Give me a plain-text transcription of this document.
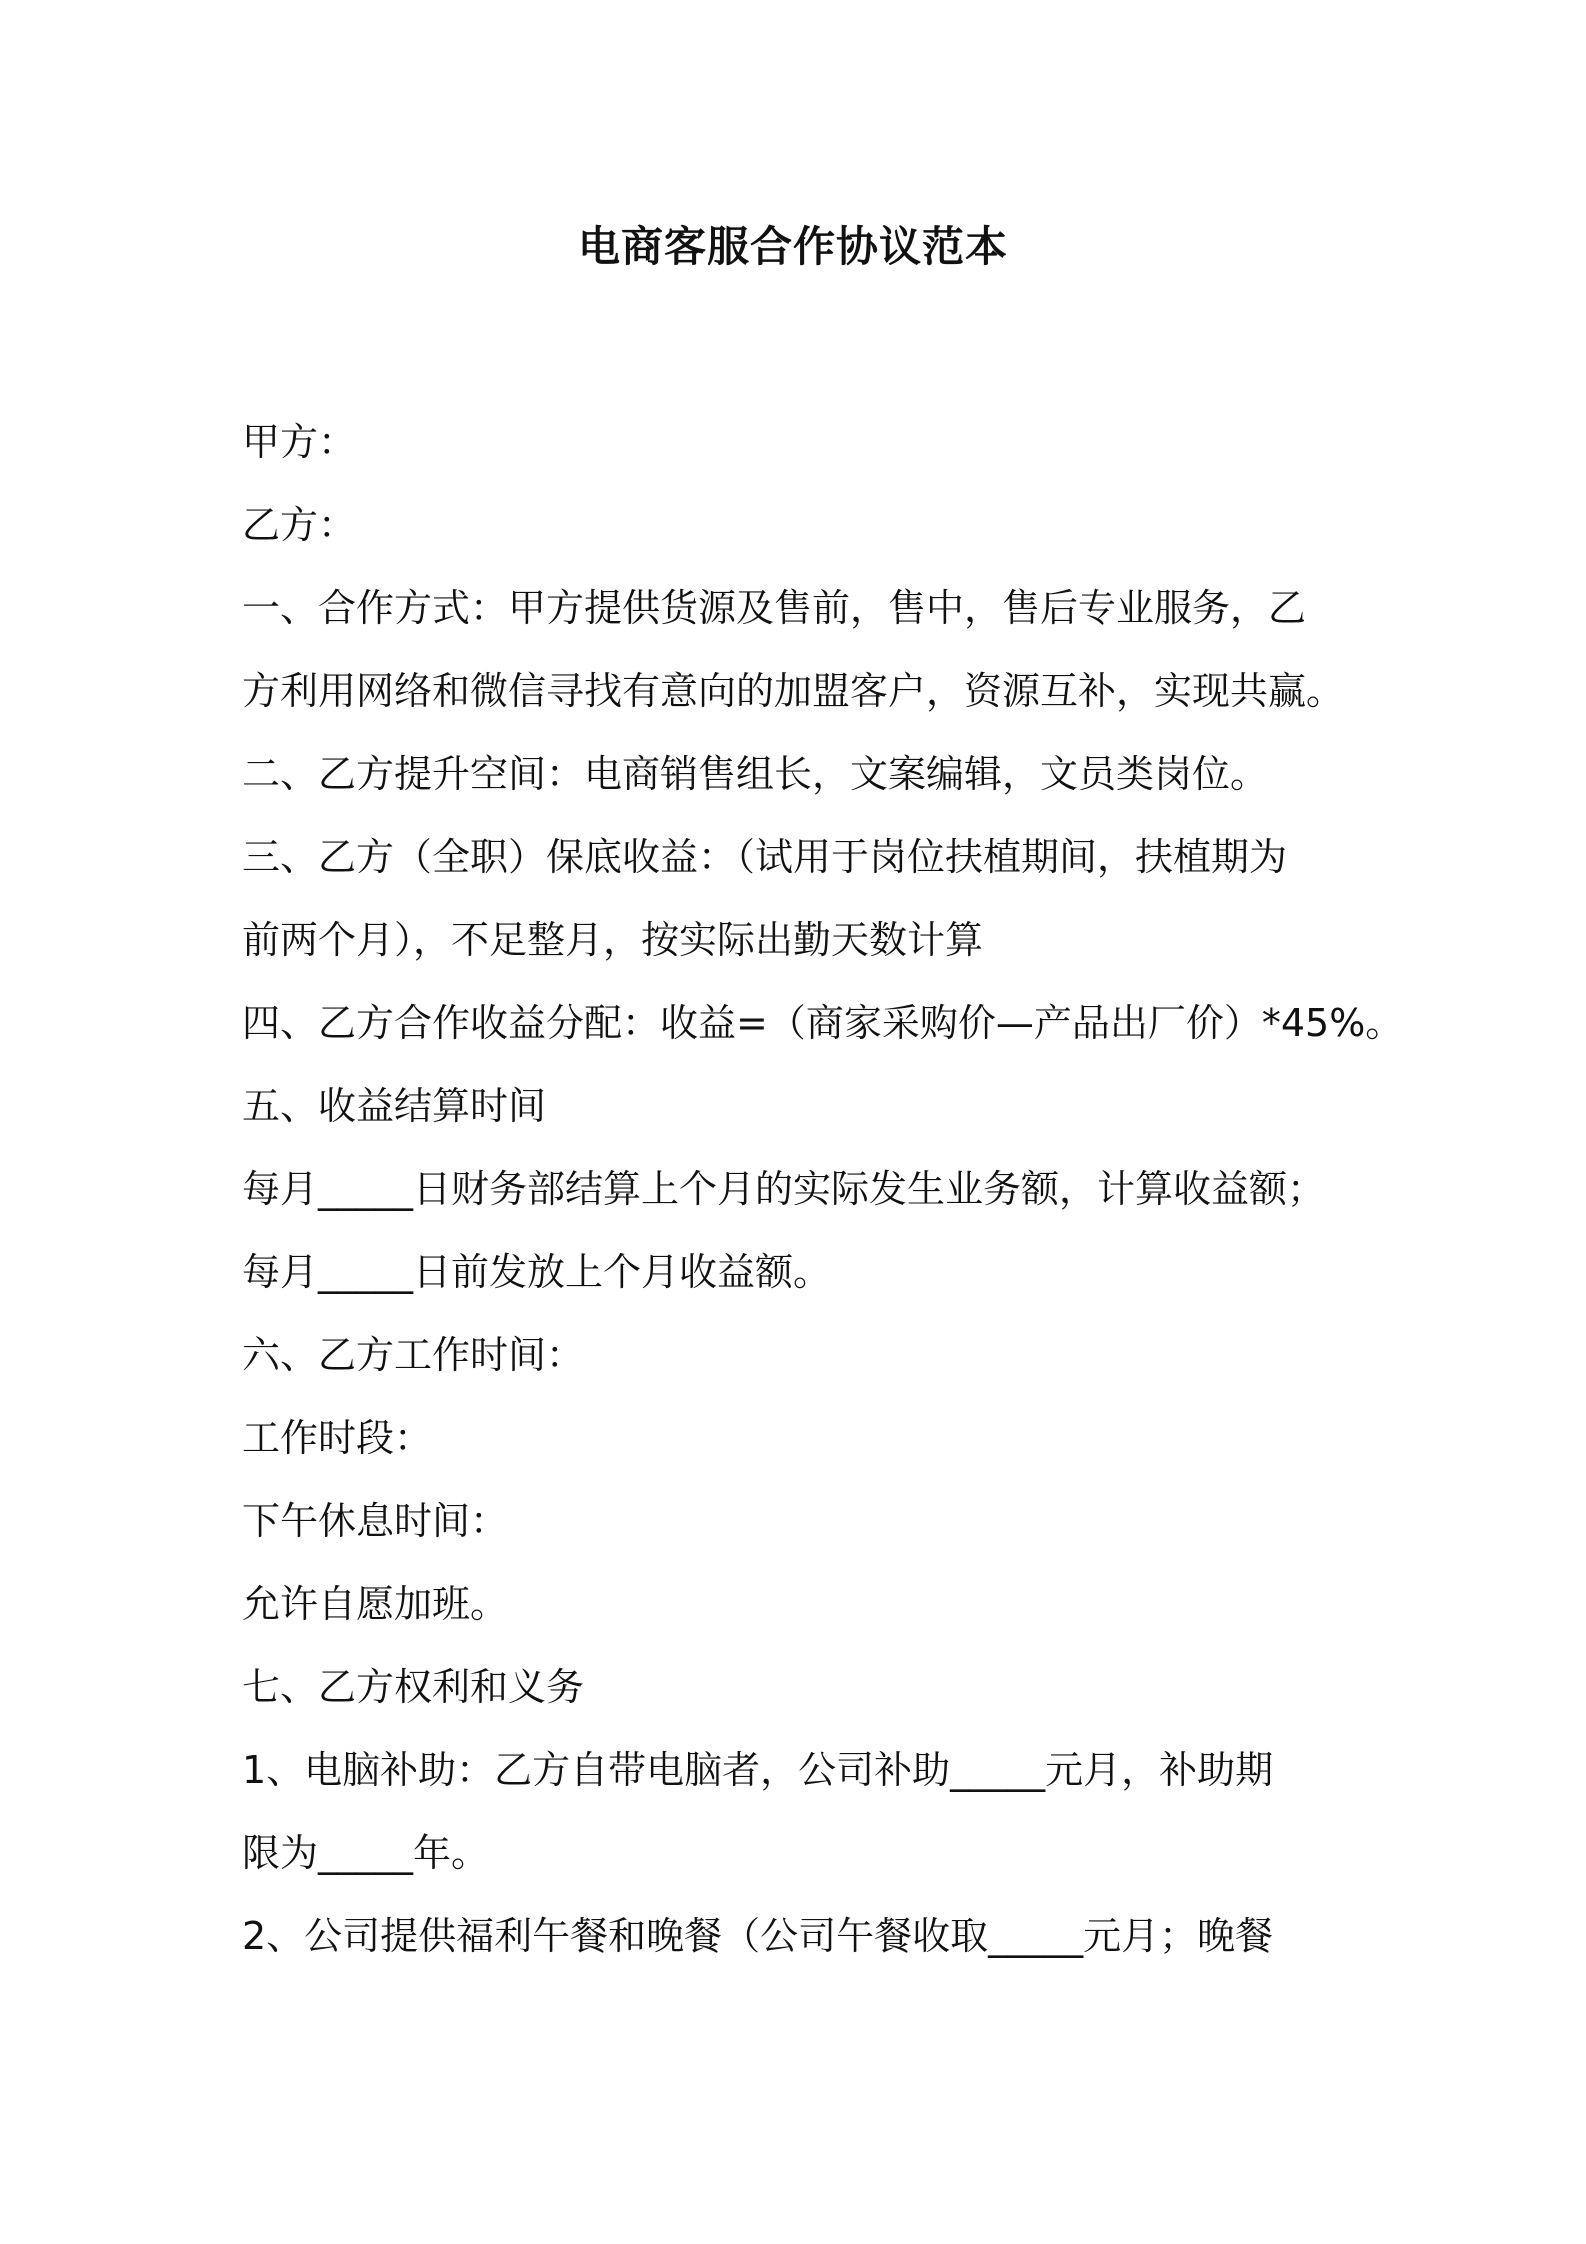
电商客服合作协议范本

甲方：

乙方：

一、合作方式：甲方提供货源及售前，售中，售后专业服务，乙

方利用网络和微信寻找有意向的加盟客户，资源互补，实现共赢。

二、乙方提升空间：电商销售组长，文案编辑，文员类岗位。

三、乙方（全职）保底收益：（试用于岗位扶植期间，扶植期为

前两个月），不足整月，按实际出勤天数计算

四、乙方合作收益分配：收益=（商家采购价—产品出厂价）*45%。

五、收益结算时间

每月_____日财务部结算上个月的实际发生业务额，计算收益额；

每月_____日前发放上个月收益额。

六、乙方工作时间：

工作时段：

下午休息时间：

允许自愿加班。

七、乙方权利和义务

1、电脑补助：乙方自带电脑者，公司补助_____元月，补助期

限为_____年。

2、公司提供福利午餐和晚餐（公司午餐收取_____元月；晚餐
